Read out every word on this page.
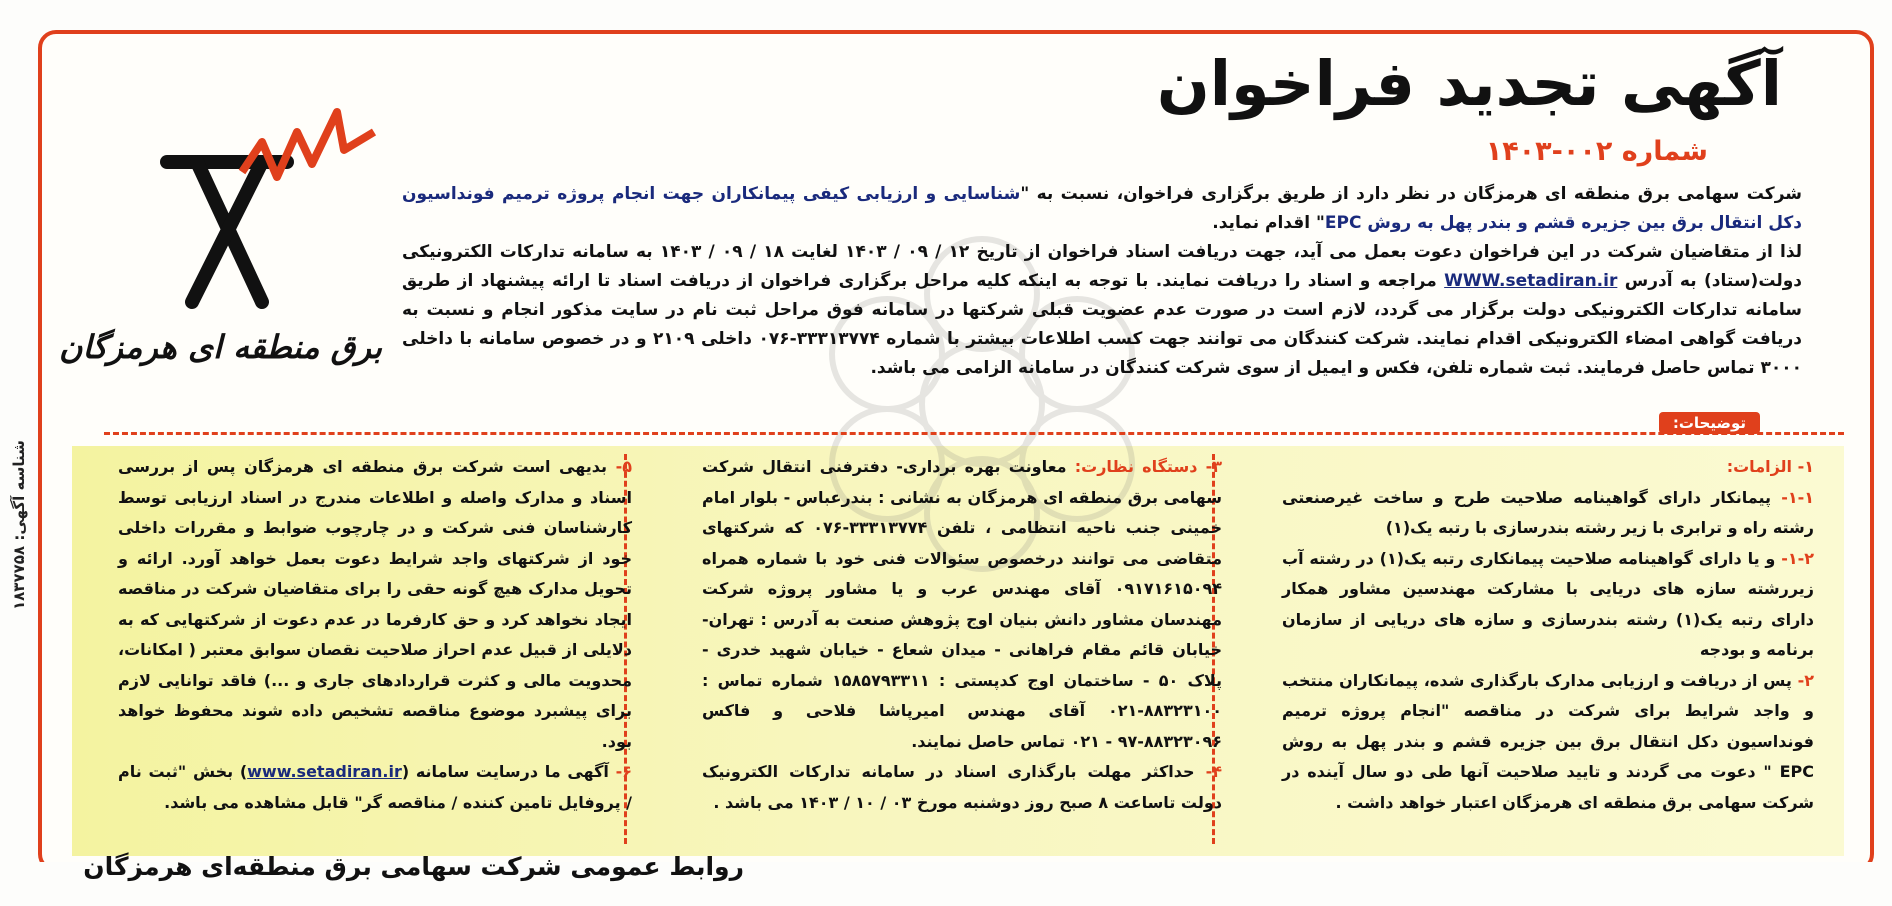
آگهی تجدید فراخوان
شماره ۰۰۲-۱۴۰۳
شرکت سهامی برق منطقه ای هرمزگان در نظر دارد از طریق برگزاری فراخوان، نسبت به "شناسایی و ارزیابی کیفی پیمانکاران جهت انجام پروژه ترمیم فونداسیون دکل انتقال برق بین جزیره قشم و بندر پهل به روش EPC" اقدام نماید.
لذا از متقاضیان شرکت در این فراخوان دعوت بعمل می آید، جهت دریافت اسناد فراخوان از تاریخ ۱۲ / ۰۹ / ۱۴۰۳ لغایت ۱۸ / ۰۹ / ۱۴۰۳ به سامانه تدارکات الکترونیکی دولت(ستاد) به آدرس WWW.setadiran.ir مراجعه و اسناد را دریافت نمایند. با توجه به اینکه کلیه مراحل برگزاری فراخوان از دریافت اسناد تا ارائه پیشنهاد از طریق سامانه تدارکات الکترونیکی دولت برگزار می گردد، لازم است در صورت عدم عضویت قبلی شرکتها در سامانه فوق مراحل ثبت نام در سایت مذکور انجام و نسبت به دریافت گواهی امضاء الکترونیکی اقدام نمایند. شرکت کنندگان می توانند جهت کسب اطلاعات بیشتر با شماره ۳۳۳۱۳۷۷۴-۰۷۶ داخلی ۲۱۰۹ و در خصوص سامانه با داخلی ۳۰۰۰ تماس حاصل فرمایند. ثبت شماره تلفن، فکس و ایمیل از سوی شرکت کنندگان در سامانه الزامی می باشد.
برق منطقه ای هرمزگان
توضیحات:

۱- الزامات:

۱-۱- پیمانکار دارای گواهینامه صلاحیت طرح و ساخت غیرصنعتی رشته راه و ترابری با زیر رشته بندرسازی با رتبه یک(۱)

۱-۲- و یا دارای گواهینامه صلاحیت پیمانکاری رتبه یک(۱) در رشته آب زیررشته سازه های دریایی با مشارکت مهندسین مشاور همکار دارای رتبه یک(۱) رشته بندرسازی و سازه های دریایی از سازمان برنامه و بودجه

۲- پس از دریافت و ارزیابی مدارک بارگذاری شده، پیمانکاران منتخب و واجد شرایط برای شرکت در مناقصه "انجام پروژه ترمیم فونداسیون دکل انتقال برق بین جزیره قشم و بندر پهل به روش EPC " دعوت می گردند و تایید صلاحیت آنها طی دو سال آینده در شرکت سهامی برق منطقه ای هرمزگان اعتبار خواهد داشت .

۳- دستگاه نظارت: معاونت بهره برداری- دفترفنی انتقال شرکت سهامی برق منطقه ای هرمزگان به نشانی : بندرعباس - بلوار امام خمینی جنب ناحیه انتظامی ، تلفن ۳۳۳۱۳۷۷۴-۰۷۶ که شرکتهای متقاضی می توانند درخصوص سئوالات فنی خود با شماره همراه ۰۹۱۷۱۶۱۵۰۹۴ آقای مهندس عرب و یا مشاور پروژه شرکت مهندسان مشاور دانش بنیان اوج پژوهش صنعت به آدرس : تهران- خیابان قائم مقام فراهانی - میدان شعاع - خیابان شهید خدری - پلاک ۵۰ - ساختمان اوج کدپستی : ۱۵۸۵۷۹۳۳۱۱ شماره تماس : ۸۸۳۲۳۱۰۰-۰۲۱ آقای مهندس امیرپاشا فلاحی و فاکس ۸۸۳۲۳۰۹۶-۹۷ - ۰۲۱ تماس حاصل نمایند.

۴- حداکثر مهلت بارگذاری اسناد در سامانه تدارکات الکترونیک دولت تاساعت ۸ صبح روز دوشنبه مورخ ۰۳ / ۱۰ / ۱۴۰۳ می باشد .

۵- بدیهی است شرکت برق منطقه ای هرمزگان پس از بررسی اسناد و مدارک واصله و اطلاعات مندرج در اسناد ارزیابی توسط کارشناسان فنی شرکت و در چارچوب ضوابط و مقررات داخلی خود از شرکتهای واجد شرایط دعوت بعمل خواهد آورد. ارائه و تحویل مدارک هیچ گونه حقی را برای متقاضیان شرکت در مناقصه ایجاد نخواهد کرد و حق کارفرما در عدم دعوت از شرکتهایی که به دلایلی از قبیل عدم احراز صلاحیت نقصان سوابق معتبر ( امکانات، محدویت مالی و کثرت قراردادهای جاری و ...) فاقد توانایی لازم برای پیشبرد موضوع مناقصه تشخیص داده شوند محفوظ خواهد بود.

۶- آگهی ما درسایت سامانه (www.setadiran.ir) بخش "ثبت نام / پروفایل تامین کننده / مناقصه گر" قابل مشاهده می باشد.

روابط عمومی شرکت سهامی برق منطقه‌ای هرمزگان
شناسه آگهی: ۱۸۳۷۷۵۸
